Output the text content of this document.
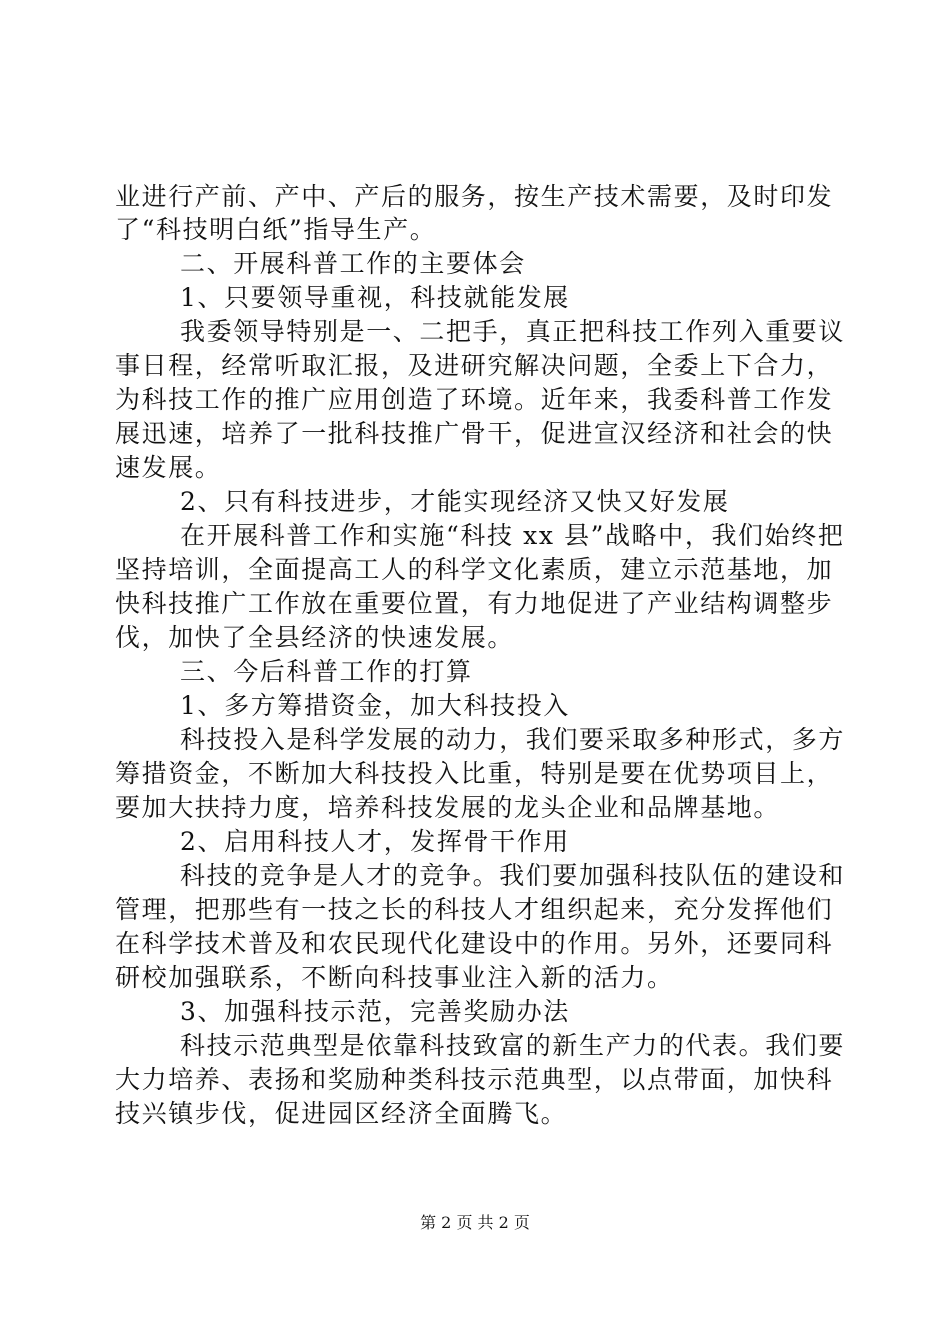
业进行产前、产中、产后的服务，按生产技术需要，及时印发
了“科技明白纸”指导生产。
二、开展科普工作的主要体会
1、只要领导重视，科技就能发展
我委领导特别是一、二把手，真正把科技工作列入重要议
事日程，经常听取汇报，及进研究解决问题，全委上下合力，
为科技工作的推广应用创造了环境。近年来，我委科普工作发
展迅速，培养了一批科技推广骨干，促进宣汉经济和社会的快
速发展。
2、只有科技进步，才能实现经济又快又好发展
在开展科普工作和实施“科技 xx 县”战略中，我们始终把
坚持培训，全面提高工人的科学文化素质，建立示范基地，加
快科技推广工作放在重要位置，有力地促进了产业结构调整步
伐，加快了全县经济的快速发展。
三、今后科普工作的打算
1、多方筹措资金，加大科技投入
科技投入是科学发展的动力，我们要采取多种形式，多方
筹措资金，不断加大科技投入比重，特别是要在优势项目上，
要加大扶持力度，培养科技发展的龙头企业和品牌基地。
2、启用科技人才，发挥骨干作用
科技的竞争是人才的竞争。我们要加强科技队伍的建设和
管理，把那些有一技之长的科技人才组织起来，充分发挥他们
在科学技术普及和农民现代化建设中的作用。另外，还要同科
研校加强联系，不断向科技事业注入新的活力。
3、加强科技示范，完善奖励办法
科技示范典型是依靠科技致富的新生产力的代表。我们要
大力培养、表扬和奖励种类科技示范典型，以点带面，加快科
技兴镇步伐，促进园区经济全面腾飞。
第 2 页 共 2 页
